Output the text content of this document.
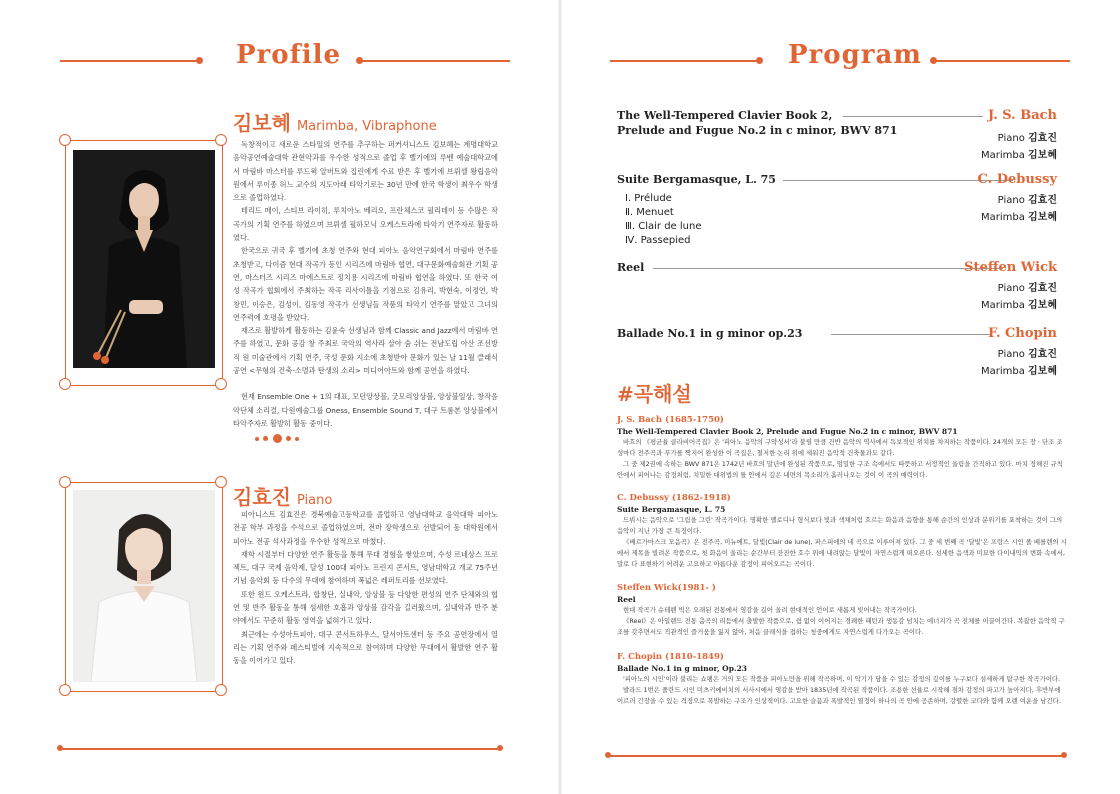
Profile
김보혜 Marimba, Vibraphone

독창적이고 새로운 스타일의 연주를 추구하는 퍼커셔니스트 김보혜는 계명대학교 음악공연예술대학 관현악과를 우수한 성적으로 졸업 후 벨기에의 루벤 예술대학교에서 마림바 마스터를 루드윅 알버트와 집린에게 수료 받은 후 벨기에 브뤼셀 왕립음악원에서 루이종 허느 교수의 지도아래 타악기로는 30년 만에 한국 학생이 최우수 학생으로 졸업하였다.

테리드 메이, 스티브 라이히, 루치아노 베리오, 프란체스코 필리데이 등 수많은 작곡가의 기획 연주를 하였으며 브뤼셀 필하모닉 오케스트라에 타악기 연주자로 활동하였다.

한국으로 귀국 후 벨기에 초청 연주와 현대 피아노 음악연구회에서 마림바 연주를 초청받고, 다이즘 현대 작곡가 동인 시리즈에 마림바 협연, 대구문화예술회관 기획 공연, 마스터즈 시리즈 마에스트로 정치용 시리즈에 마림바 협연을 하였다. 또 한국 여성 작곡가 협회에서 주최하는 작곡 리사이틀을 기점으로 김유리, 박현숙, 이정연, 박창민, 이승은, 김성이, 김동영 작곡가 선생님들 작품의 타악기 연주를 맡았고 그녀의 연주력에 호평을 받았다.

재즈로 활발하게 활동하는 김윤숙 선생님과 함께 Classic and Jazz에서 마림바 연주를 하였고, 문화 공감 창 주최로 국악의 역사라 살아 숨 쉬는 전남도립 아산 조선방직 원 미술관에서 기획 연주, 국성 문화 지소에 초청받아 문화가 있는 날 11월 클래식 공연 <무형의 건축-소멸과 탄생의 소리> 미디어아트와 함께 공연을 하였다.

현재 Ensemble One + 1의 대표, 모던앙상블, 굿모리앙상블, 앙상블일상, 창작음악단체 소리결, 다원예술그룹 Oness, Ensemble Sound T, 대구 트롬본 앙상블에서 타악주자로 활발히 활동 중이다.

김효진 Piano

피아니스트 김효진은 경북예술고등학교를 졸업하고 영남대학교 음악대학 피아노 전공 학부 과정을 수석으로 졸업하였으며, 전마 장학생으로 선발되어 동 대학원에서 피아노 전공 석사과정을 우수한 성적으로 마쳤다.

재학 시절부터 다양한 연주 활동을 통해 무대 경험을 쌓았으며, 수성 르네상스 프로젝트, 대구 국제 음악제, 달성 100대 피아노 프린지 콘서트, 영남대학교 개교 75주년 기념 음악회 등 다수의 무대에 참여하며 폭넓은 레퍼토리를 선보였다.

또한 윈드 오케스트라, 합창단, 실내악, 앙상블 등 다양한 편성의 연주 단체와의 협연 및 반주 활동을 통해 섬세한 호흡과 앙상블 감각을 길러왔으며, 실내악과 반주 분야에서도 꾸준히 활동 영역을 넓혀가고 있다.

최근에는 수성아트피아, 대구 콘서트하우스, 달서아트센터 등 주요 공연장에서 열리는 기획 연주와 페스티벌에 지속적으로 참여하며 다양한 무대에서 활발한 연주 활동을 이어가고 있다.

Program
The Well-Tempered Clavier Book 2,
Prelude and Fugue No.2 in c minor, BWV 871
J. S. Bach
Piano 김효진
Marimba 김보혜
Suite Bergamasque, L. 75	C. Debussy
Ⅰ. Prélude
Ⅱ. Menuet
Ⅲ. Clair de lune
Ⅳ. Passepied
Piano 김효진
Marimba 김보혜
Reel	Steffen Wick
Piano 김효진
Marimba 김보혜
Ballade No.1 in g minor op.23	F. Chopin
Piano 김효진
Marimba 김보혜
#곡해설
J. S. Bach (1685-1750)
The Well-Tempered Clavier Book 2, Prelude and Fugue No.2 in c minor, BWV 871

바흐의 《평균율 클라비어곡집》은 '피아노 음악의 구약성서'라 불릴 만큼 건반 음악의 역사에서 독보적인 위치를 차지하는 작품이다. 24개의 모든 장 · 단조 조성마다 전주곡과 푸가를 짝지어 완성한 이 곡집은, 철저한 논리 위에 세워진 음악적 건축물과도 같다.

그 중 제2권에 속하는 BWV 871은 1742년 바흐의 말년에 완성된 작품으로, 엄밀한 구조 속에서도 따뜻하고 서정적인 울림을 간직하고 있다. 마치 정해진 규칙 안에서 피어나는 감정처럼, 치밀한 대위법의 틀 안에서 깊은 내면의 목소리가 흘러나오는 것이 이 곡의 매력이다.

C. Debussy (1862-1918)
Suite Bergamasque, L. 75

드뷔시는 음악으로 '그림을 그린' 작곡가이다. 명확한 멜로디나 형식보다 빛과 색채처럼 흐르는 화음과 음향을 통해 순간의 인상과 분위기를 포착하는 것이 그의 음악이 지닌 가장 큰 특징이다.

《베르가마스크 모음곡》은 전주곡, 미뉴에트, 달빛(Clair de lune), 파스피에의 네 곡으로 이루어져 있다. 그 중 세 번째 곡 '달빛'은 프랑스 시인 폴 베를렌의 시에서 제목을 빌려온 작품으로, 첫 화음이 울리는 순간부터 잔잔한 호수 위에 내려앉는 달빛이 자연스럽게 떠오른다. 섬세한 음색과 미묘한 다이내믹의 변화 속에서, 말로 다 표현하기 어려운 고요하고 아름다운 감정이 피어오르는 곡이다.

Steffen Wick(1981- )
Reel

현대 작곡가 슈테펜 빅은 오래된 전통에서 영감을 길어 올려 현대적인 언어로 새롭게 빚어내는 작곡가이다.

《Reel》은 아일랜드 전통 춤곡의 리듬에서 출발한 작품으로, 쉼 없이 이어지는 경쾌한 패턴과 생동감 넘치는 에너지가 곡 전체를 이끌어간다. 복잡한 음악적 구조를 갖추면서도 직관적인 즐거움을 잃지 않아, 처음 클래식을 접하는 청중에게도 자연스럽게 다가오는 곡이다.

F. Chopin (1810-1849)
Ballade No.1 in g minor, Op.23

'피아노의 시인'이라 불리는 쇼팽은 거의 모든 작품을 피아노만을 위해 작곡하며, 이 악기가 담을 수 있는 감정의 깊이를 누구보다 섬세하게 탐구한 작곡가이다.

발라드 1번은 폴란드 시인 미츠키에비치의 서사시에서 영감을 받아 1835년에 작곡된 작품이다. 조용한 선율로 시작해 점차 감정의 파고가 높아지다, 후반부에 이르러 긴장을 수 있는 격정으로 폭발하는 구조가 인상적이다. 고요한 슬픔과 폭발적인 열정이 하나의 곡 안에 공존하며, 강렬한 코다와 함께 오랜 여운을 남긴다.
